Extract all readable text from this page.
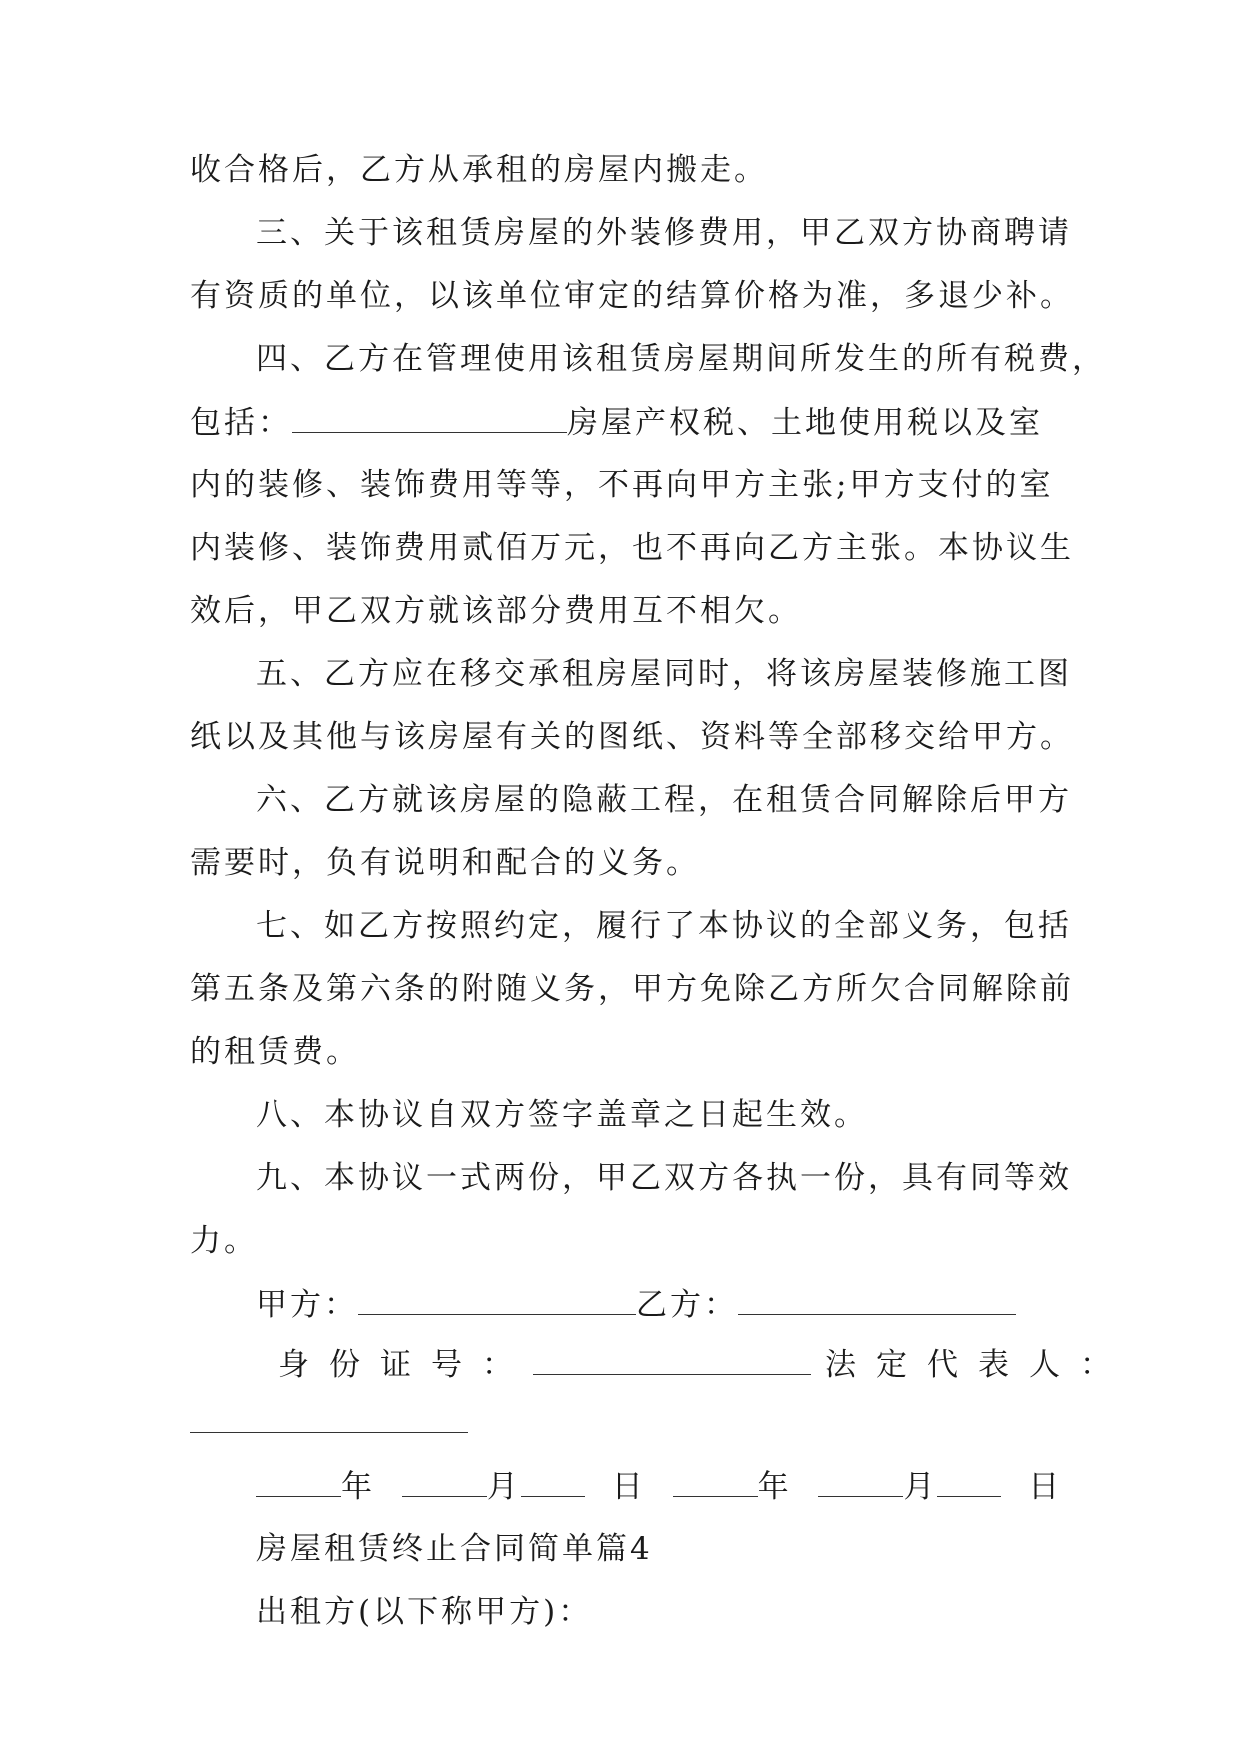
收合格后，乙方从承租的房屋内搬走。
三、关于该租赁房屋的外装修费用，甲乙双方协商聘请
有资质的单位，以该单位审定的结算价格为准，多退少补。
四、乙方在管理使用该租赁房屋期间所发生的所有税费，
包括：	房屋产权税、土地使用税以及室
内的装修、装饰费用等等，不再向甲方主张;甲方支付的室
内装修、装饰费用贰佰万元，也不再向乙方主张。本协议生
效后，甲乙双方就该部分费用互不相欠。
五、乙方应在移交承租房屋同时，将该房屋装修施工图
纸以及其他与该房屋有关的图纸、资料等全部移交给甲方。
六、乙方就该房屋的隐蔽工程，在租赁合同解除后甲方
需要时，负有说明和配合的义务。
七、如乙方按照约定，履行了本协议的全部义务，包括
第五条及第六条的附随义务，甲方免除乙方所欠合同解除前
的租赁费。
八、本协议自双方签字盖章之日起生效。
九、本协议一式两份，甲乙双方各执一份，具有同等效
力。
甲方：	乙方：
身份证号：	法定代表人：
年	月	日	年	月	日
房屋租赁终止合同简单篇4
出租方(以下称甲方)：
